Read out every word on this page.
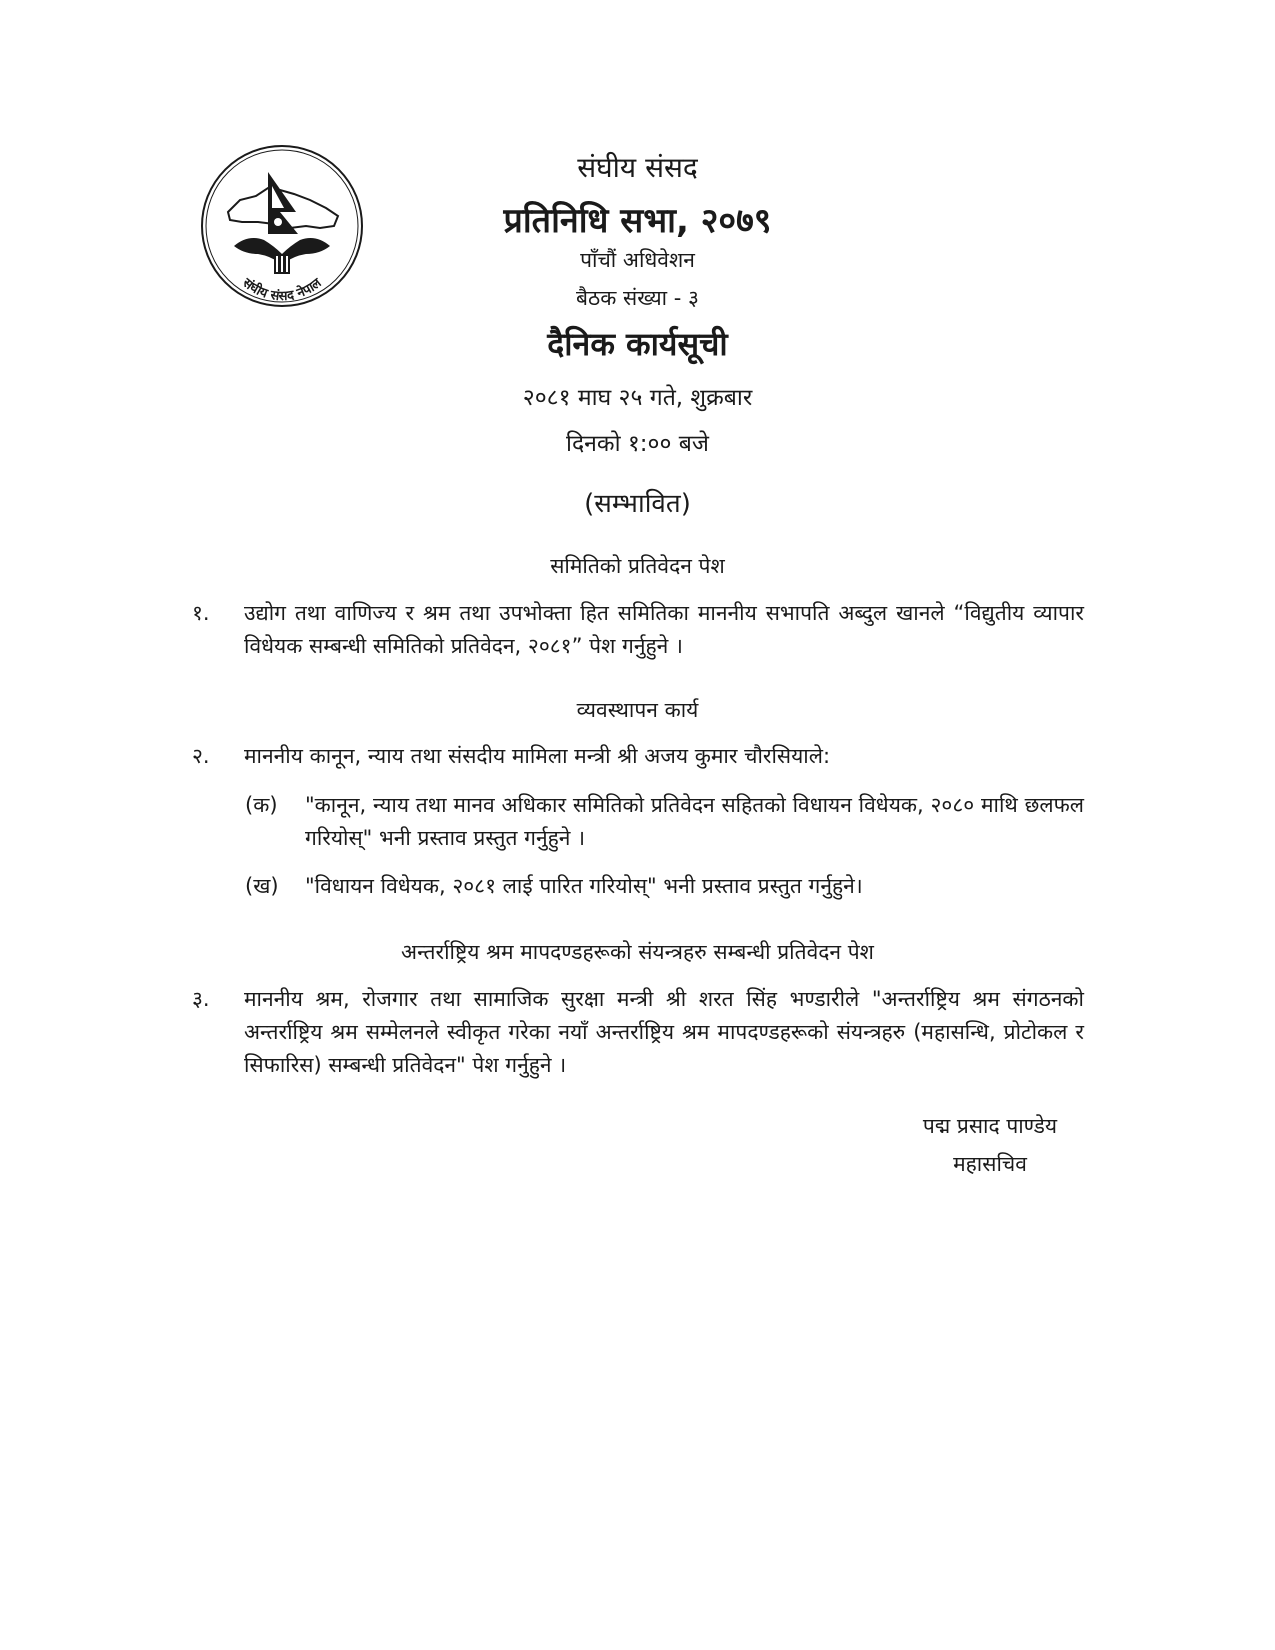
संघीय संसद नेपाल
संघीय संसद
प्रतिनिधि सभा, २०७९
पाँचौं अधिवेशन
बैठक संख्या - ३
दैनिक कार्यसूची
२०८१ माघ २५ गते, शुक्रबार
दिनको १:०० बजे
(सम्भावित)
समितिको प्रतिवेदन पेश
१.	उद्योग तथा वाणिज्य र श्रम तथा उपभोक्ता हित समितिका माननीय सभापति अब्दुल खानले “विद्युतीय व्यापार विधेयक सम्बन्धी समितिको प्रतिवेदन, २०८१” पेश गर्नुहुने ।
व्यवस्थापन कार्य
२.	माननीय कानून, न्याय तथा संसदीय मामिला मन्त्री श्री अजय कुमार चौरसियाले:
(क)	"कानून, न्याय तथा मानव अधिकार समितिको प्रतिवेदन सहितको विधायन विधेयक, २०८० माथि छलफल गरियोस्" भनी प्रस्ताव प्रस्तुत गर्नुहुने ।
(ख)	"विधायन विधेयक, २०८१ लाई पारित गरियोस्" भनी प्रस्ताव प्रस्तुत गर्नुहुने।
अन्तर्राष्ट्रिय श्रम मापदण्डहरूको संयन्त्रहरु सम्बन्धी प्रतिवेदन पेश
३.	माननीय श्रम, रोजगार तथा सामाजिक सुरक्षा मन्त्री श्री शरत सिंह भण्डारीले "अन्तर्राष्ट्रिय श्रम संगठनको अन्तर्राष्ट्रिय श्रम सम्मेलनले स्वीकृत गरेका नयाँ अन्तर्राष्ट्रिय श्रम मापदण्डहरूको संयन्त्रहरु (महासन्धि, प्रोटोकल र सिफारिस) सम्बन्धी प्रतिवेदन" पेश गर्नुहुने ।
पद्म प्रसाद पाण्डेय
महासचिव
